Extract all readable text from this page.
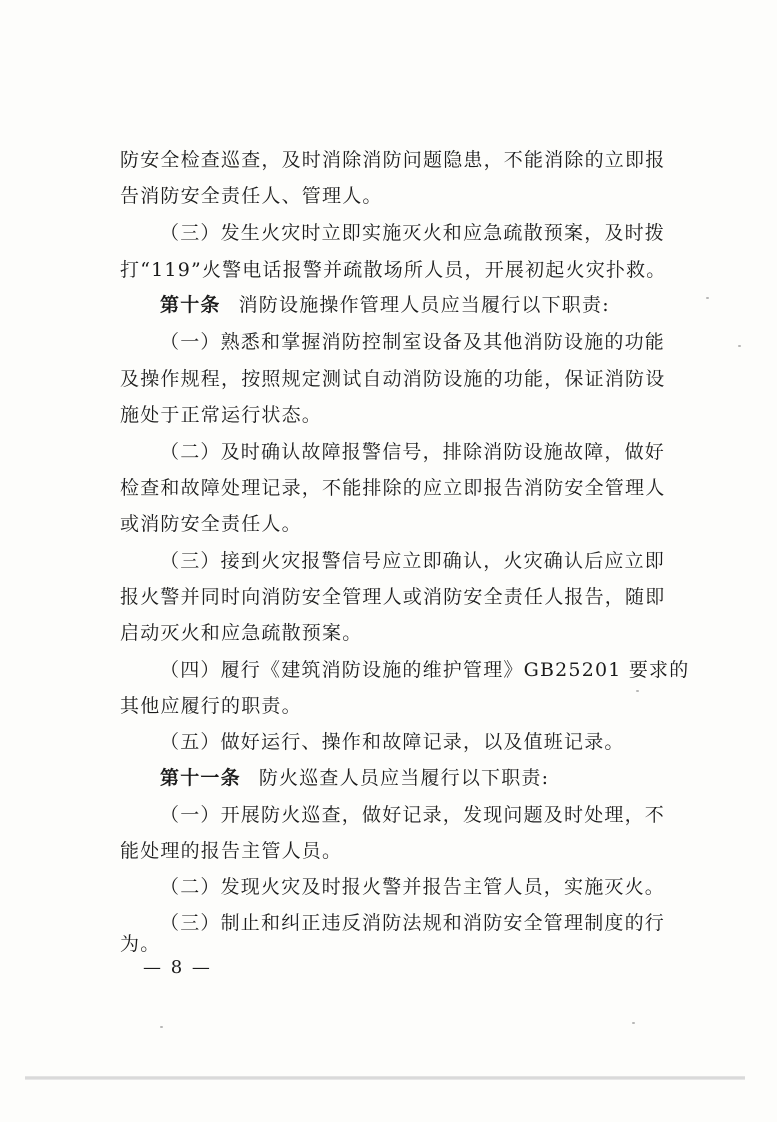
防安全检查巡查，及时消除消防问题隐患，不能消除的立即报
告消防安全责任人、管理人。
（三）发生火灾时立即实施灭火和应急疏散预案，及时拨
打“119”火警电话报警并疏散场所人员，开展初起火灾扑救。
第十条 消防设施操作管理人员应当履行以下职责:
（一）熟悉和掌握消防控制室设备及其他消防设施的功能
及操作规程，按照规定测试自动消防设施的功能，保证消防设
施处于正常运行状态。
（二）及时确认故障报警信号，排除消防设施故障，做好
检查和故障处理记录，不能排除的应立即报告消防安全管理人
或消防安全责任人。
（三）接到火灾报警信号应立即确认，火灾确认后应立即
报火警并同时向消防安全管理人或消防安全责任人报告，随即
启动灭火和应急疏散预案。
（四）履行《建筑消防设施的维护管理》GB25201 要求的
其他应履行的职责。
（五）做好运行、操作和故障记录，以及值班记录。
第十一条 防火巡查人员应当履行以下职责:
（一）开展防火巡查，做好记录，发现问题及时处理，不
能处理的报告主管人员。
（二）发现火灾及时报火警并报告主管人员，实施灭火。
（三）制止和纠正违反消防法规和消防安全管理制度的行
为。
— 8 —
